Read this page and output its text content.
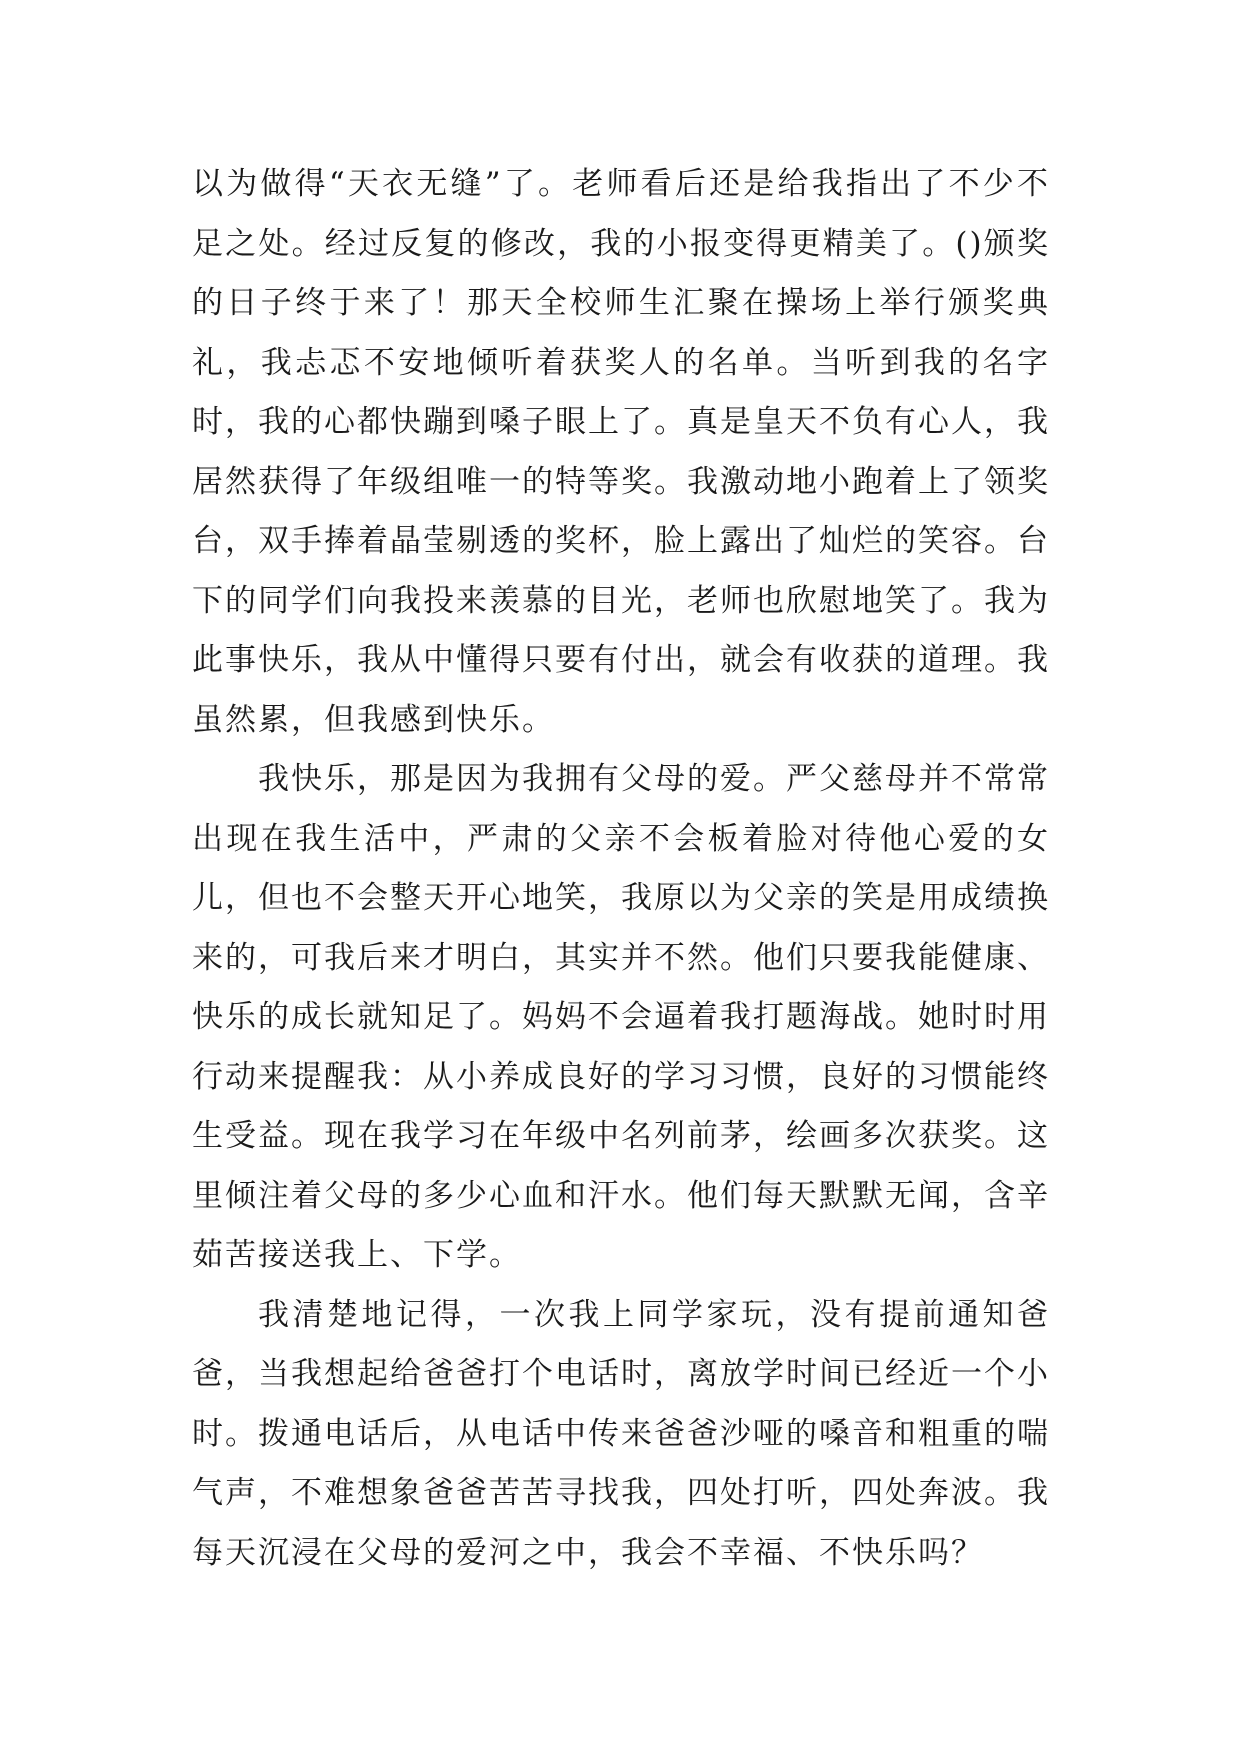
以为做得“天衣无缝”了。老师看后还是给我指出了不少不足之处。经过反复的修改，我的小报变得更精美了。()颁奖的日子终于来了！那天全校师生汇聚在操场上举行颁奖典礼，我忐忑不安地倾听着获奖人的名单。当听到我的名字时，我的心都快蹦到嗓子眼上了。真是皇天不负有心人，我居然获得了年级组唯一的特等奖。我激动地小跑着上了领奖台，双手捧着晶莹剔透的奖杯，脸上露出了灿烂的笑容。台下的同学们向我投来羡慕的目光，老师也欣慰地笑了。我为此事快乐，我从中懂得只要有付出，就会有收获的道理。我虽然累，但我感到快乐。

我快乐，那是因为我拥有父母的爱。严父慈母并不常常出现在我生活中，严肃的父亲不会板着脸对待他心爱的女儿，但也不会整天开心地笑，我原以为父亲的笑是用成绩换来的，可我后来才明白，其实并不然。他们只要我能健康、快乐的成长就知足了。妈妈不会逼着我打题海战。她时时用行动来提醒我：从小养成良好的学习习惯，良好的习惯能终生受益。现在我学习在年级中名列前茅，绘画多次获奖。这里倾注着父母的多少心血和汗水。他们每天默默无闻，含辛茹苦接送我上、下学。

我清楚地记得，一次我上同学家玩，没有提前通知爸爸，当我想起给爸爸打个电话时，离放学时间已经近一个小时。拨通电话后，从电话中传来爸爸沙哑的嗓音和粗重的喘气声，不难想象爸爸苦苦寻找我，四处打听，四处奔波。我每天沉浸在父母的爱河之中，我会不幸福、不快乐吗？
